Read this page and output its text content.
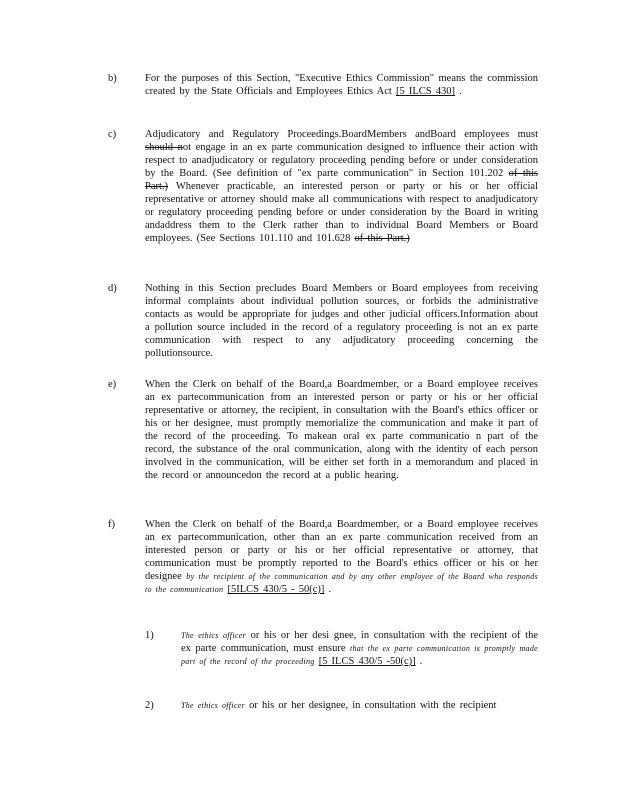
b)	For the purposes of this Section, "Executive Ethics Commission" means the commission created by the State Officials and Employees Ethics Act [5 ILCS 430] .
c)	Adjudicatory and Regulatory Proceedings.BoardMembers andBoard employees must should not engage in an ex parte communication designed to influence their action with respect to anadjudicatory or regulatory proceeding pending before or under consideration by the Board. (See definition of "ex parte communication" in Section 101.202 of this Part.) Whenever practicable, an interested person or party or his or her official representative or attorney should make all communications with respect to anadjudicatory or regulatory proceeding pending before or under consideration by the Board in writing andaddress them to the Clerk rather than to individual Board Members or Board employees. (See Sections 101.110 and 101.628 of this Part.)
d)	Nothing in this Section precludes Board Members or Board employees from receiving informal complaints about individual pollution sources, or forbids the administrative contacts as would be appropriate for judges and other judicial officers.Information about a pollution source included in the record of a regulatory proceeding is not an ex parte communication with respect to any adjudicatory proceeding concerning the pollutionsource.
e)	When the Clerk on behalf of the Board,a Boardmember, or a Board employee receives an ex partecommunication from an interested person or party or his or her official representative or attorney, the recipient, in consultation with the Board's ethics officer or his or her designee, must promptly memorialize the communication and make it part of the record of the proceeding. To makean oral ex parte communicatio n part of the record, the substance of the oral communication, along with the identity of each person involved in the communication, will be either set forth in a memorandum and placed in the record or announcedon the record at a public hearing.
f)	When the Clerk on behalf of the Board,a Boardmember, or a Board employee receives an ex partecommunication, other than an ex parte communication received from an interested person or party or his or her official representative or attorney, that communication must be promptly reported to the Board's ethics officer or his or her designee by the recipient of the communication and by any other employee of the Board who responds to the communication [5ILCS 430/5 - 50(c)] .
1)	The ethics officer or his or her desi gnee, in consultation with the recipient of the ex parte communication, must ensure that the ex parte communication is promptly made part of the record of the proceeding [5 ILCS 430/5 -50(c)] .
2)	The ethics officer or his or her designee, in consultation with the recipient
